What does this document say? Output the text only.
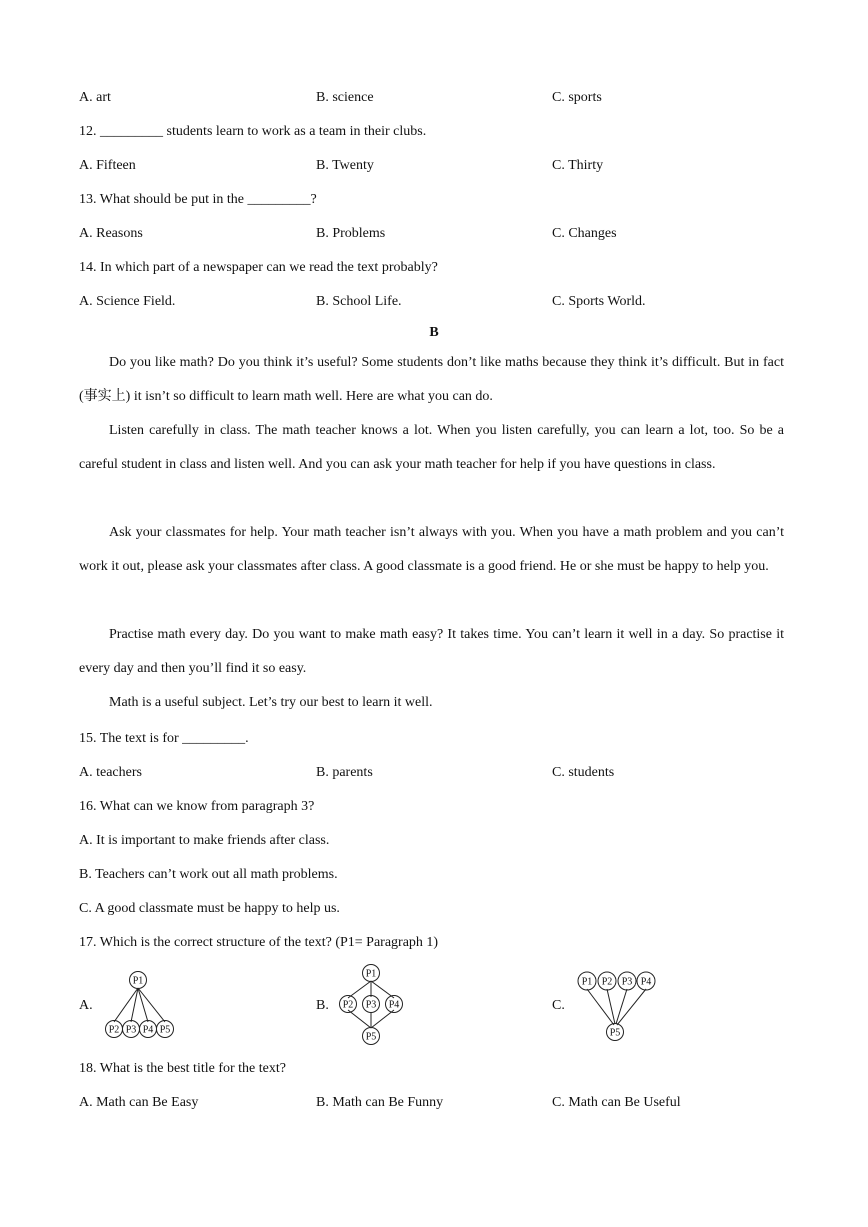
A. art	B. science	C. sports
12. _________ students learn to work as a team in their clubs.
A. Fifteen	B. Twenty	C. Thirty
13. What should be put in the _________?
A. Reasons	B. Problems	C. Changes
14. In which part of a newspaper can we read the text probably?
A. Science Field.	B. School Life.	C. Sports World.
B
Do you like math? Do you think it’s useful? Some students don’t like maths because they think it’s difficult. But in fact (事实上) it isn’t so difficult to learn math well. Here are what you can do.
Listen carefully in class. The math teacher knows a lot. When you listen carefully, you can learn a lot, too. So be a careful student in class and listen well. And you can ask your math teacher for help if you have questions in class.
Ask your classmates for help. Your math teacher isn’t always with you. When you have a math problem and you can’t work it out, please ask your classmates after class. A good classmate is a good friend. He or she must be happy to help you.
Practise math every day. Do you want to make math easy? It takes time. You can’t learn it well in a day. So practise it every day and then you’ll find it so easy.
Math is a useful subject. Let’s try our best to learn it well.
15. The text is for _________.
A. teachers	B. parents	C. students
16. What can we know from paragraph 3?
A. It is important to make friends after class.
B. Teachers can’t work out all math problems.
C. A good classmate must be happy to help us.
17. Which is the correct structure of the text? (P1= Paragraph 1)
A.	B.	C.
P1
P2 P3 P4 P5
P1
P2 P3 P4
P5
P1 P2 P3 P4
P5
18. What is the best title for the text?
A. Math can Be Easy	B. Math can Be Funny	C. Math can Be Useful
